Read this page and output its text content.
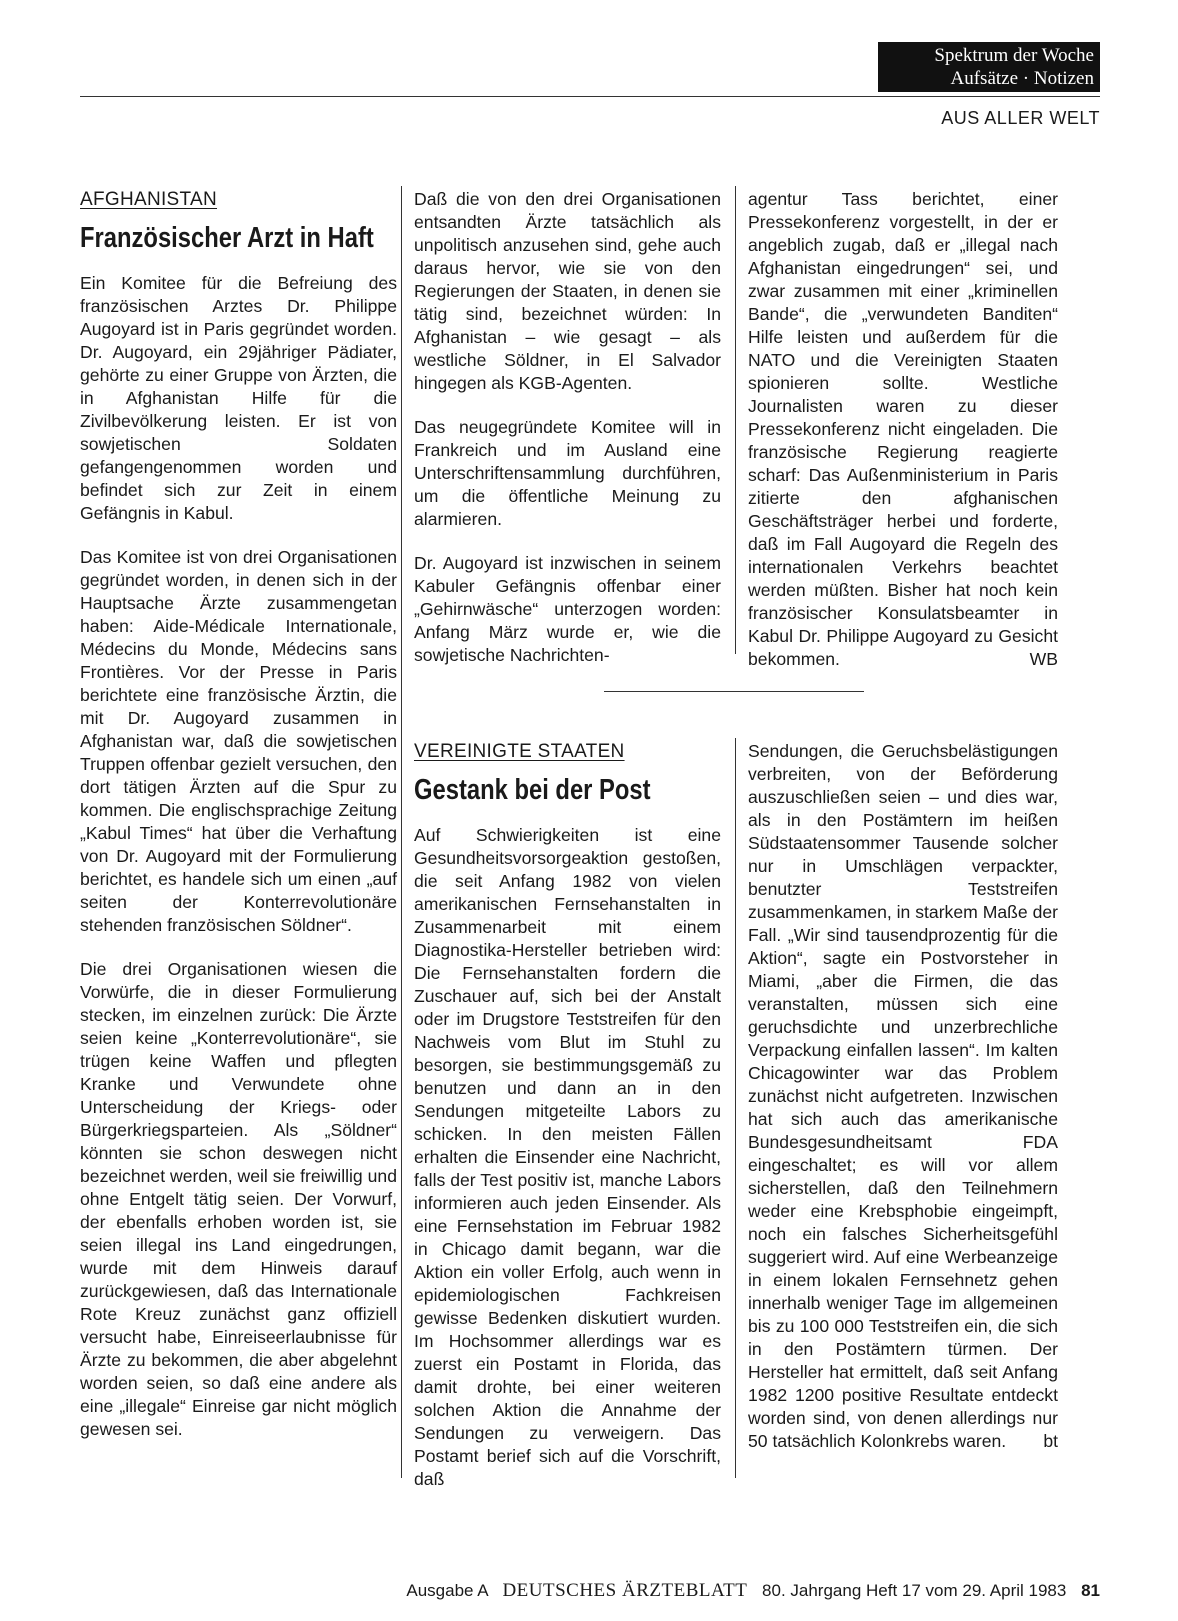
Spektrum der Woche
Aufsätze · Notizen
AUS ALLER WELT
AFGHANISTAN
Französischer Arzt in Haft

Ein Komitee für die Befreiung des französischen Arztes Dr. Philippe Augoyard ist in Paris gegründet worden. Dr. Augoyard, ein 29jähriger Pädiater, gehörte zu einer Gruppe von Ärzten, die in Afghanistan Hilfe für die Zivilbevölkerung leisten. Er ist von sowjetischen Soldaten gefangengenommen worden und befindet sich zur Zeit in einem Gefängnis in Kabul.

Das Komitee ist von drei Organisationen gegründet worden, in denen sich in der Hauptsache Ärzte zusammengetan haben: Aide-Médicale Internationale, Médecins du Monde, Médecins sans Frontières. Vor der Presse in Paris berichtete eine französische Ärztin, die mit Dr. Augoyard zusammen in Afghanistan war, daß die sowjetischen Truppen offenbar gezielt versuchen, den dort tätigen Ärzten auf die Spur zu kommen. Die englischsprachige Zeitung „Kabul Times“ hat über die Verhaftung von Dr. Augoyard mit der Formulierung berichtet, es handele sich um einen „auf seiten der Konterrevolutionäre stehenden französischen Söldner“.

Die drei Organisationen wiesen die Vorwürfe, die in dieser Formulierung stecken, im einzelnen zurück: Die Ärzte seien keine „Konterrevolutionäre“, sie trügen keine Waffen und pflegten Kranke und Verwundete ohne Unterscheidung der Kriegs- oder Bürgerkriegsparteien. Als „Söldner“ könnten sie schon deswegen nicht bezeichnet werden, weil sie freiwillig und ohne Entgelt tätig seien. Der Vorwurf, der ebenfalls erhoben worden ist, sie seien illegal ins Land eingedrungen, wurde mit dem Hinweis darauf zurückgewiesen, daß das Internationale Rote Kreuz zunächst ganz offiziell versucht habe, Einreiseerlaubnisse für Ärzte zu bekommen, die aber abgelehnt worden seien, so daß eine andere als eine „illegale“ Einreise gar nicht möglich gewesen sei.

Daß die von den drei Organisationen entsandten Ärzte tatsächlich als unpolitisch anzusehen sind, gehe auch daraus hervor, wie sie von den Regierungen der Staaten, in denen sie tätig sind, bezeichnet würden: In Afghanistan – wie gesagt – als westliche Söldner, in El Salvador hingegen als KGB-Agenten.

Das neugegründete Komitee will in Frankreich und im Ausland eine Unterschriftensammlung durchführen, um die öffentliche Meinung zu alarmieren.

Dr. Augoyard ist inzwischen in seinem Kabuler Gefängnis offenbar einer „Gehirnwäsche“ unterzogen worden: Anfang März wurde er, wie die sowjetische Nachrichten-

agentur Tass berichtet, einer Pressekonferenz vorgestellt, in der er angeblich zugab, daß er „illegal nach Afghanistan eingedrungen“ sei, und zwar zusammen mit einer „kriminellen Bande“, die „verwundeten Banditen“ Hilfe leisten und außerdem für die NATO und die Vereinigten Staaten spionieren sollte. Westliche Journalisten waren zu dieser Pressekonferenz nicht eingeladen. Die französische Regierung reagierte scharf: Das Außenministerium in Paris zitierte den afghanischen Geschäftsträger herbei und forderte, daß im Fall Augoyard die Regeln des internationalen Verkehrs beachtet werden müßten. Bisher hat noch kein französischer Konsulatsbeamter in Kabul Dr. Philippe Augoyard zu Gesicht bekommen.	WB

VEREINIGTE STAATEN
Gestank bei der Post

Auf Schwierigkeiten ist eine Gesundheitsvorsorgeaktion gestoßen, die seit Anfang 1982 von vielen amerikanischen Fernsehanstalten in Zusammenarbeit mit einem Diagnostika-Hersteller betrieben wird: Die Fernsehanstalten fordern die Zuschauer auf, sich bei der Anstalt oder im Drugstore Teststreifen für den Nachweis vom Blut im Stuhl zu besorgen, sie bestimmungsgemäß zu benutzen und dann an in den Sendungen mitgeteilte Labors zu schicken. In den meisten Fällen erhalten die Einsender eine Nachricht, falls der Test positiv ist, manche Labors informieren auch jeden Einsender. Als eine Fernsehstation im Februar 1982 in Chicago damit begann, war die Aktion ein voller Erfolg, auch wenn in epidemiologischen Fachkreisen gewisse Bedenken diskutiert wurden. Im Hochsommer allerdings war es zuerst ein Postamt in Florida, das damit drohte, bei einer weiteren solchen Aktion die Annahme der Sendungen zu verweigern. Das Postamt berief sich auf die Vorschrift, daß

Sendungen, die Geruchsbelästigungen verbreiten, von der Beförderung auszuschließen seien – und dies war, als in den Postämtern im heißen Südstaatensommer Tausende solcher nur in Umschlägen verpackter, benutzter Teststreifen zusammenkamen, in starkem Maße der Fall. „Wir sind tausendprozentig für die Aktion“, sagte ein Postvorsteher in Miami, „aber die Firmen, die das veranstalten, müssen sich eine geruchsdichte und unzerbrechliche Verpackung einfallen lassen“. Im kalten Chicagowinter war das Problem zunächst nicht aufgetreten. Inzwischen hat sich auch das amerikanische Bundesgesundheitsamt FDA eingeschaltet; es will vor allem sicherstellen, daß den Teilnehmern weder eine Krebsphobie eingeimpft, noch ein falsches Sicherheitsgefühl suggeriert wird. Auf eine Werbeanzeige in einem lokalen Fernsehnetz gehen innerhalb weniger Tage im allgemeinen bis zu 100 000 Teststreifen ein, die sich in den Postämtern türmen. Der Hersteller hat ermittelt, daß seit Anfang 1982 1200 positive Resultate entdeckt worden sind, von denen allerdings nur 50 tatsächlich Kolonkrebs waren. bt

Ausgabe A DEUTSCHES ÄRZTEBLATT 80. Jahrgang Heft 17 vom 29. April 1983 81
